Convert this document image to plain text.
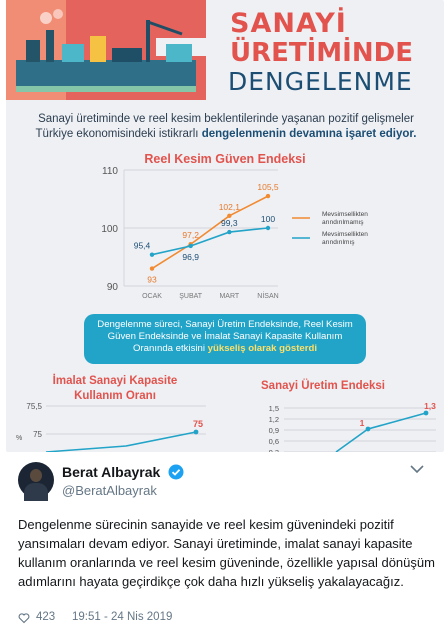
SANAYİ
ÜRETİMİNDE
DENGELENME
Sanayi üretiminde ve reel kesim beklentilerinde yaşanan pozitif gelişmeler
Türkiye ekonomisindeki istikrarlı dengelenmenin devamına işaret ediyor.
Reel Kesim Güven Endeksi
90
100
110
OCAK ŞUBAT MART	NİSAN
93
97,2
102,1
105,5
Mevsimsellikten
arındırılmamış
95,4
96,9
99,3	100
Mevsimsellikten
arındırılmış
Dengelenme süreci, Sanayi Üretim Endeksinde, Reel Kesim
Güven Endeksinde ve İmalat Sanayi Kapasite Kullanım
Oranında etkisini yükseliş olarak gösterdi
İmalat Sanayi Kapasite Kullanım Oranı
Sanayi Üretim Endeksi
75,5
75
75
%
1,5
1,2
0,9
0,6
1
1,3
Berat Albayrak
@BeratAlbayrak
Dengelenme sürecinin sanayide ve reel kesim güvenindeki pozitif yansımaları devam ediyor. Sanayi üretiminde, imalat sanayi kapasite kullanım oranlarında ve reel kesim güveninde, özellikle yapısal dönüşüm adımlarını hayata geçirdikçe çok daha hızlı yükseliş yakalayacağız.
423 19:51 - 24 Nis 2019
